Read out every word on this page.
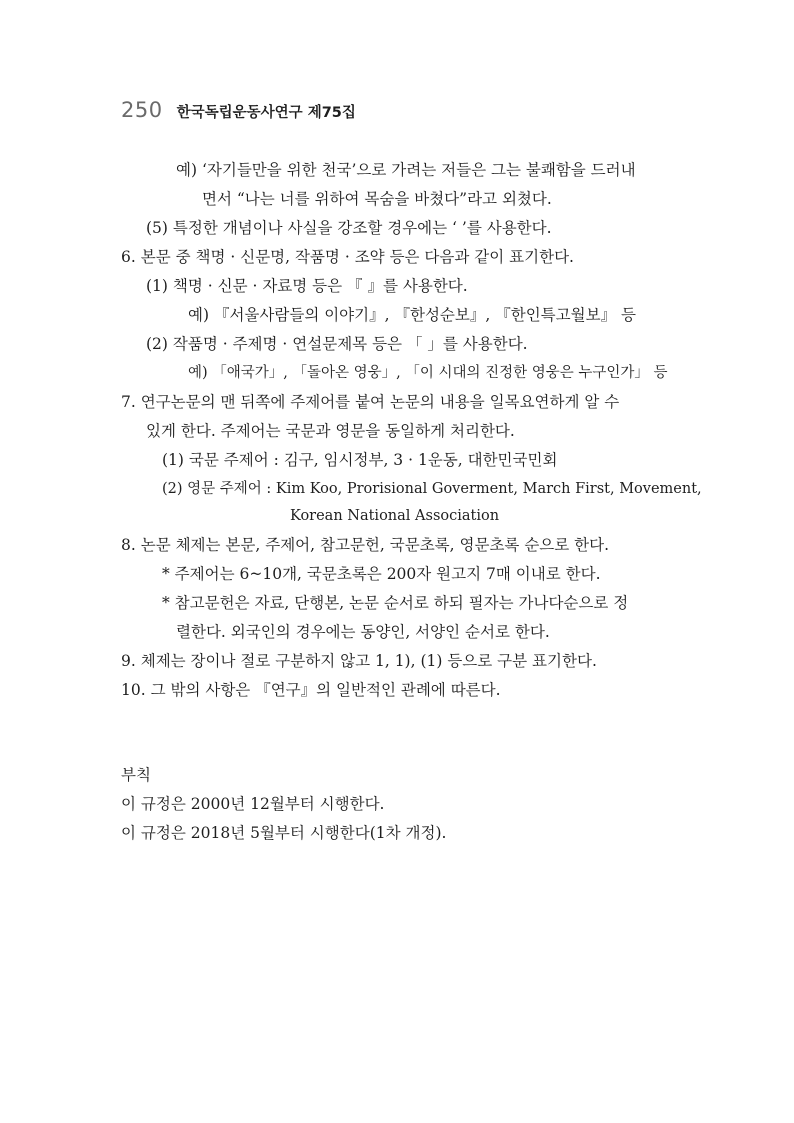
250 한국독립운동사연구 제75집
예) ‘자기들만을 위한 천국’으로 가려는 저들은 그는 불쾌함을 드러내
면서 “나는 너를 위하여 목숨을 바쳤다”라고 외쳤다.
(5) 특정한 개념이나 사실을 강조할 경우에는 ‘ ’를 사용한다.
6. 본문 중 책명 · 신문명, 작품명 · 조약 등은 다음과 같이 표기한다.
(1) 책명 · 신문 · 자료명 등은 『 』를 사용한다.
예) 『서울사람들의 이야기』, 『한성순보』, 『한인특고월보』 등
(2) 작품명 · 주제명 · 연설문제목 등은 「 」를 사용한다.
예) 「애국가」, 「돌아온 영웅」, 「이 시대의 진정한 영웅은 누구인가」 등
7. 연구논문의 맨 뒤쪽에 주제어를 붙여 논문의 내용을 일목요연하게 알 수
있게 한다. 주제어는 국문과 영문을 동일하게 처리한다.
(1) 국문 주제어 : 김구, 임시정부, 3 · 1운동, 대한민국민회
(2) 영문 주제어 : Kim Koo, Prorisional Goverment, March First, Movement,
Korean National Association
8. 논문 체제는 본문, 주제어, 참고문헌, 국문초록, 영문초록 순으로 한다.
* 주제어는 6~10개, 국문초록은 200자 원고지 7매 이내로 한다.
* 참고문헌은 자료, 단행본, 논문 순서로 하되 필자는 가나다순으로 정
렬한다. 외국인의 경우에는 동양인, 서양인 순서로 한다.
9. 체제는 장이나 절로 구분하지 않고 1, 1), (1) 등으로 구분 표기한다.
10. 그 밖의 사항은 『연구』의 일반적인 관례에 따른다.
부칙
이 규정은 2000년 12월부터 시행한다.
이 규정은 2018년 5월부터 시행한다(1차 개정).
